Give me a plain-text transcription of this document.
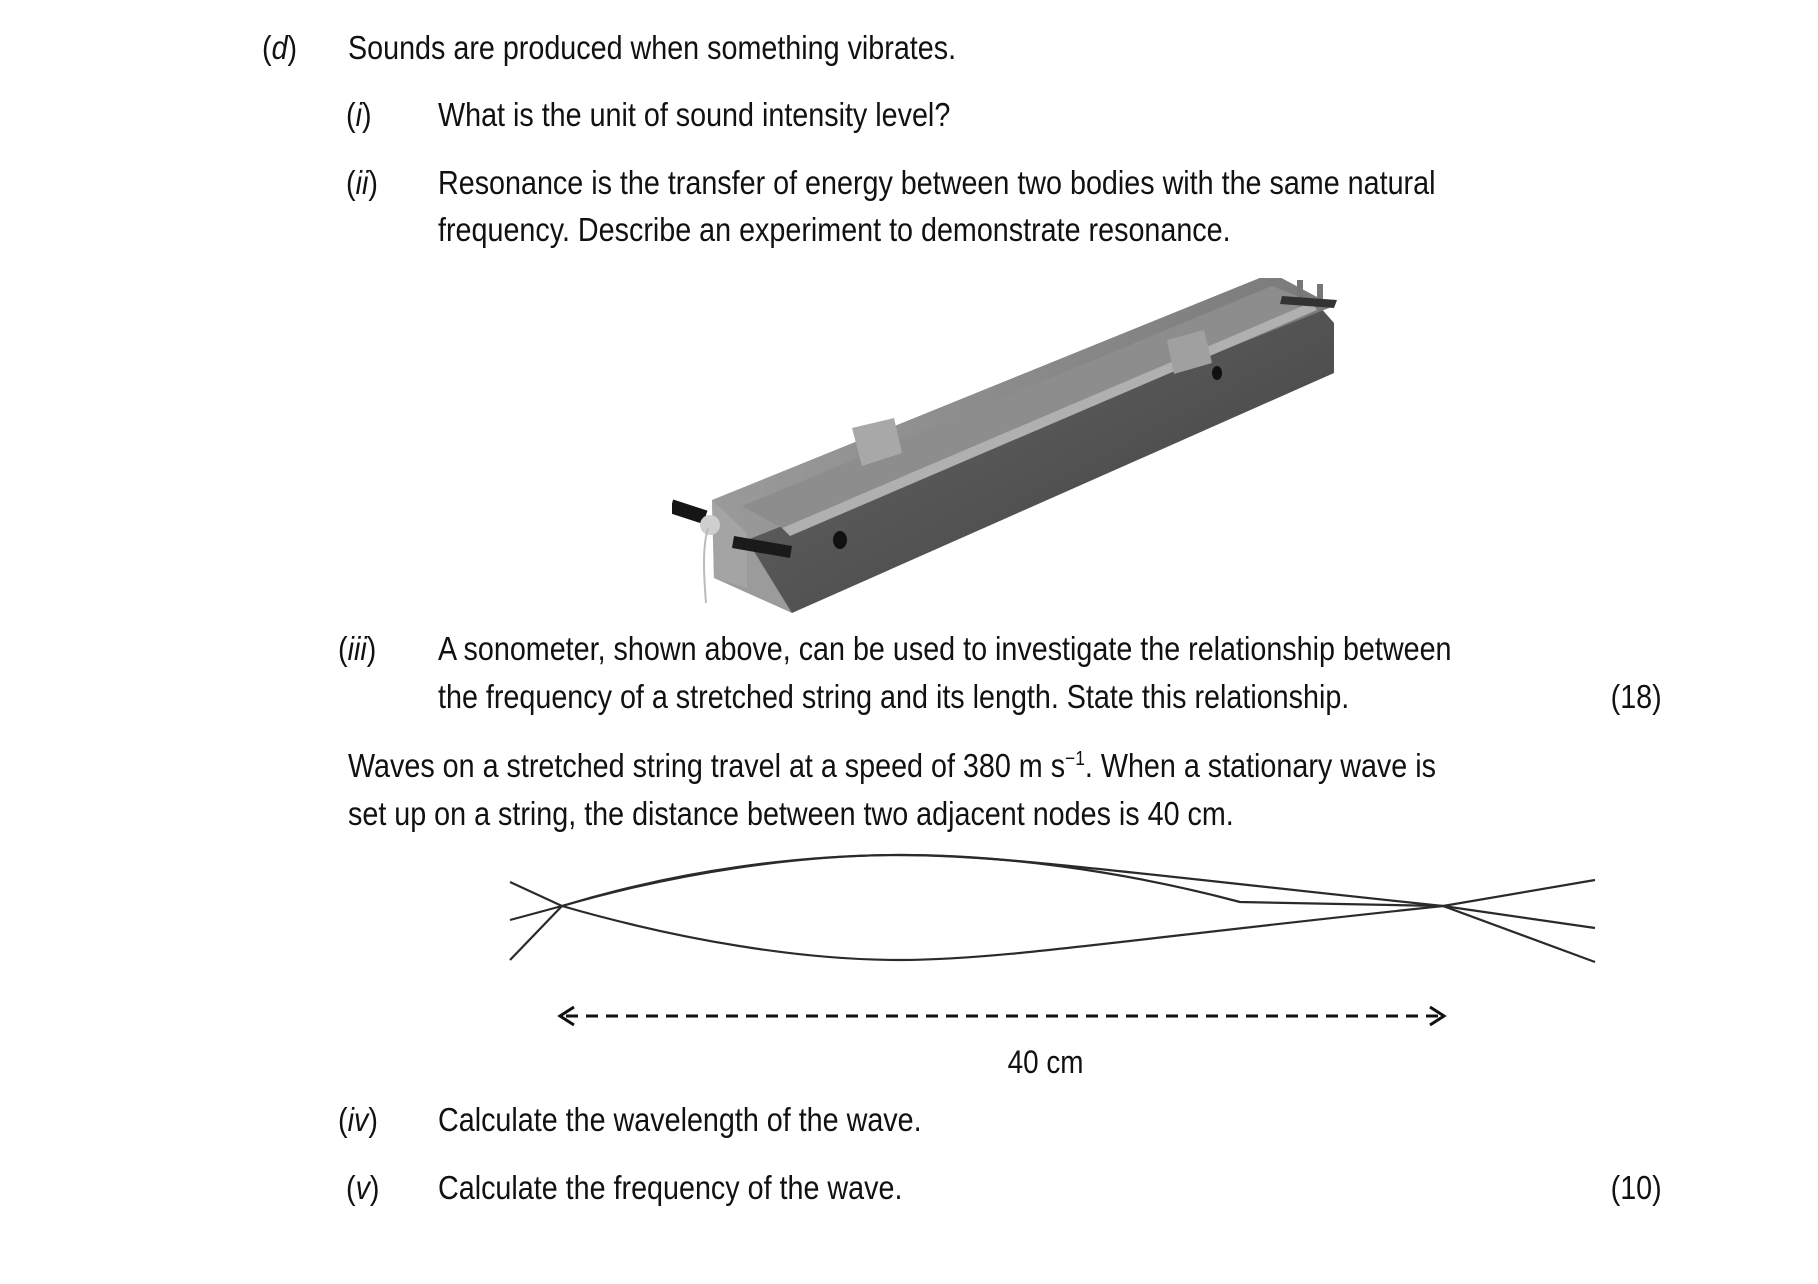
(d) Sounds are produced when something vibrates.
(i) What is the unit of sound intensity level?
(ii) Resonance is the transfer of energy between two bodies with the same natural
frequency. Describe an experiment to demonstrate resonance.
(iii) A sonometer, shown above, can be used to investigate the relationship between
the frequency of a stretched string and its length. State this relationship.	(18)
Waves on a stretched string travel at a speed of 380 m $s^{-1}$. When a stationary wave is
set up on a string, the distance between two adjacent nodes is 40 cm.
40 cm
(iv) Calculate the wavelength of the wave.
(v) Calculate the frequency of the wave.	(10)
